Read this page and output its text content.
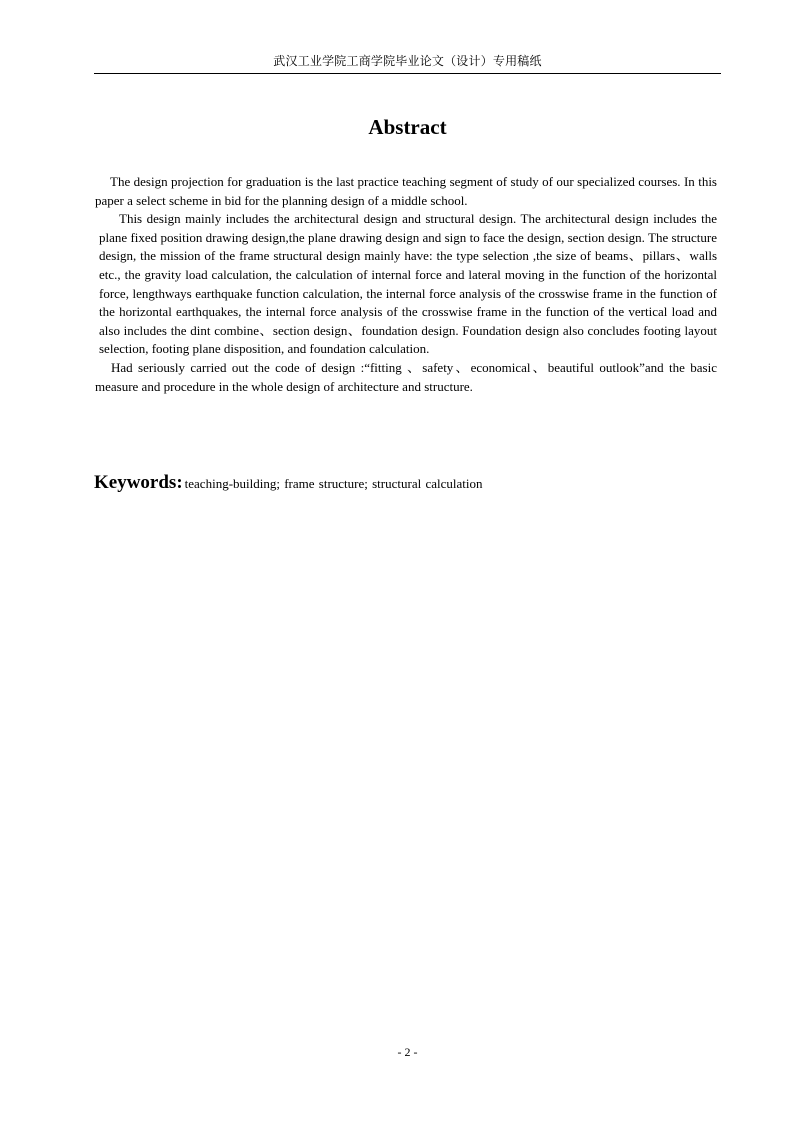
武汉工业学院工商学院毕业论文（设计）专用稿纸
Abstract

The design projection for graduation is the last practice teaching segment of study of our specialized courses. In this paper a select scheme in bid for the planning design of a middle school.

This design mainly includes the architectural design and structural design. The architectural design includes the plane fixed position drawing design,the plane drawing design and sign to face the design, section design. The structure design, the mission of the frame structural design mainly have: the type selection ,the size of beams、pillars、walls etc., the gravity load calculation, the calculation of internal force and lateral moving in the function of the horizontal force, lengthways earthquake function calculation, the internal force analysis of the crosswise frame in the function of the horizontal earthquakes, the internal force analysis of the crosswise frame in the function of the vertical load and also includes the dint combine、section design、foundation design. Foundation design also concludes footing layout selection, footing plane disposition, and foundation calculation.

Had seriously carried out the code of design :“fitting 、safety、economical、beautiful outlook”and the basic measure and procedure in the whole design of architecture and structure.

Keywords: teaching-building; frame structure; structural calculation
- 2 -
